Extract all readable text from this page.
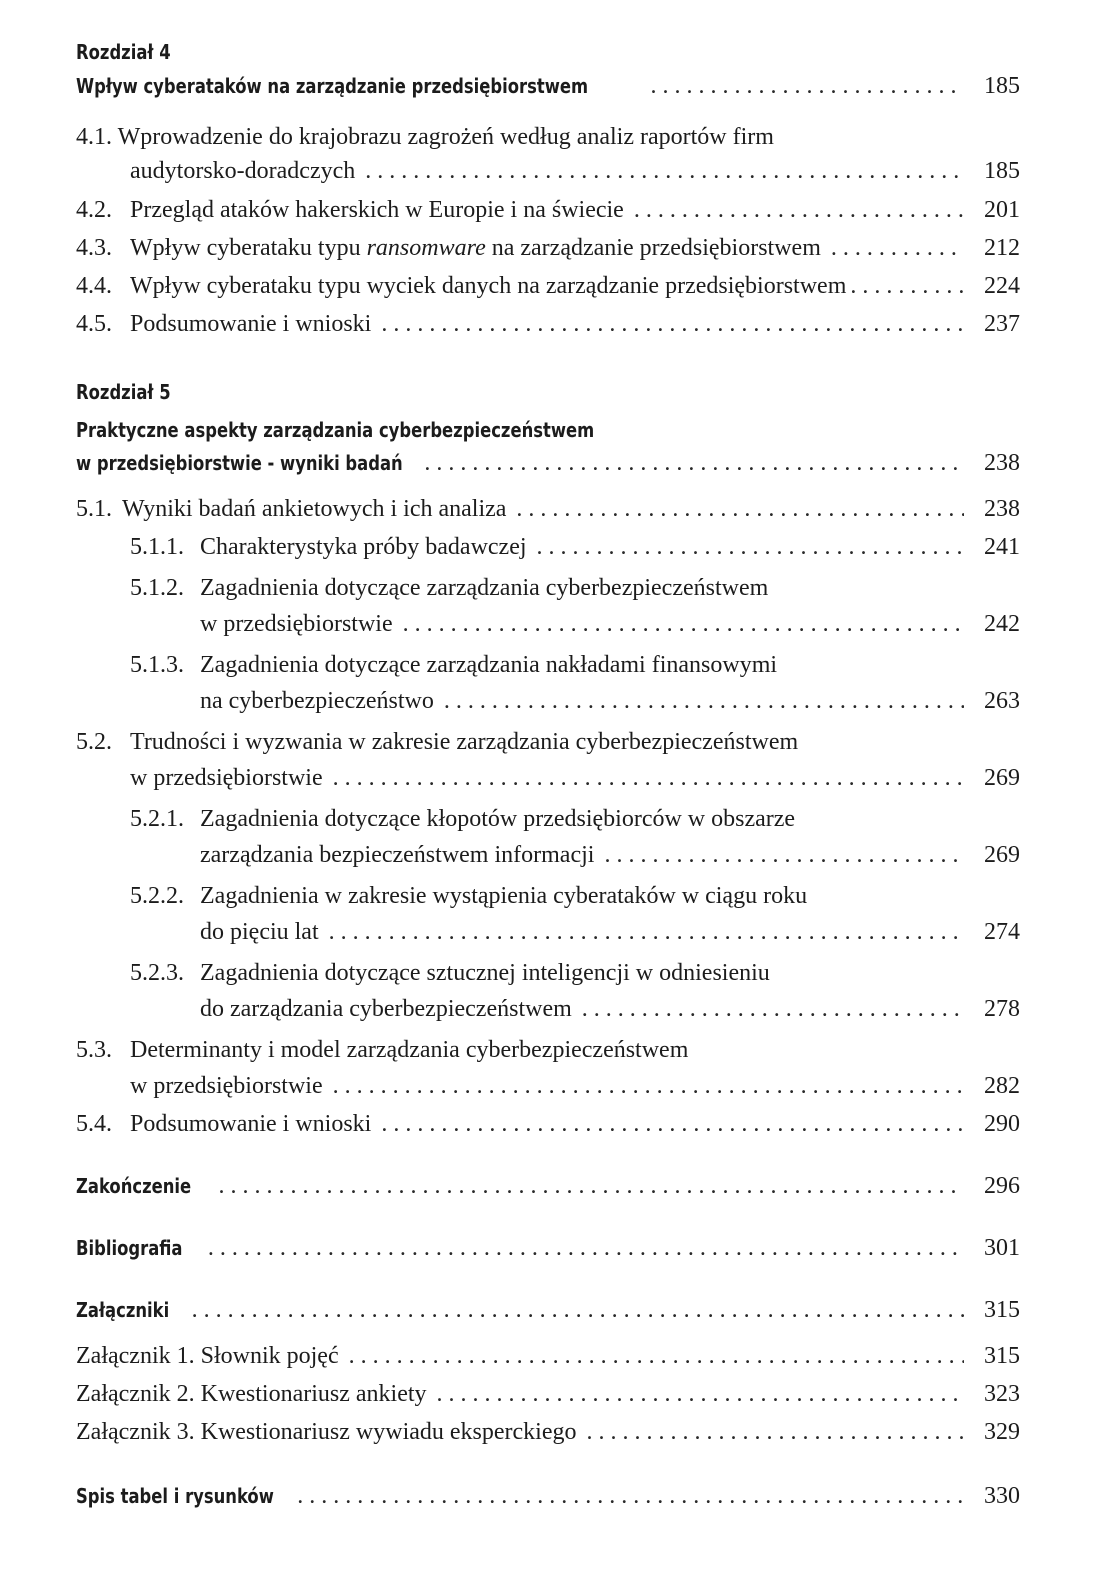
Rozdział 4
Wpływ cyberataków na zarządzanie przedsiębiorstwem . . .	185
4.1. Wprowadzenie do krajobrazu zagrożeń według analiz raportów firm
audytorsko-doradczych . . .	185
4.2. Przegląd ataków hakerskich w Europie i na świecie . . .	201
4.3. Wpływ cyberataku typu ransomware na zarządzanie przedsiębiorstwem . . .	212
4.4. Wpływ cyberataku typu wyciek danych na zarządzanie przedsiębiorstwem . . .	224
4.5. Podsumowanie i wnioski . . .	237
Rozdział 5
Praktyczne aspekty zarządzania cyberbezpieczeństwem
w przedsiębiorstwie - wyniki badań . . .	238
5.1. Wyniki badań ankietowych i ich analiza . . .	238
5.1.1. Charakterystyka próby badawczej . . .	241
5.1.2. Zagadnienia dotyczące zarządzania cyberbezpieczeństwem
w przedsiębiorstwie . . .	242
5.1.3. Zagadnienia dotyczące zarządzania nakładami finansowymi
na cyberbezpieczeństwo . . .	263
5.2. Trudności i wyzwania w zakresie zarządzania cyberbezpieczeństwem
w przedsiębiorstwie . . .	269
5.2.1. Zagadnienia dotyczące kłopotów przedsiębiorców w obszarze
zarządzania bezpieczeństwem informacji . . .	269
5.2.2. Zagadnienia w zakresie wystąpienia cyberataków w ciągu roku
do pięciu lat . . .	274
5.2.3. Zagadnienia dotyczące sztucznej inteligencji w odniesieniu
do zarządzania cyberbezpieczeństwem . . .	278
5.3. Determinanty i model zarządzania cyberbezpieczeństwem
w przedsiębiorstwie . . .	282
5.4. Podsumowanie i wnioski . . .	290
Zakończenie . . .	296
Bibliografia . . .	301
Załączniki . . .	315
Załącznik 1. Słownik pojęć . . .	315
Załącznik 2. Kwestionariusz ankiety . . .	323
Załącznik 3. Kwestionariusz wywiadu eksperckiego . . .	329
Spis tabel i rysunków . . .	330
